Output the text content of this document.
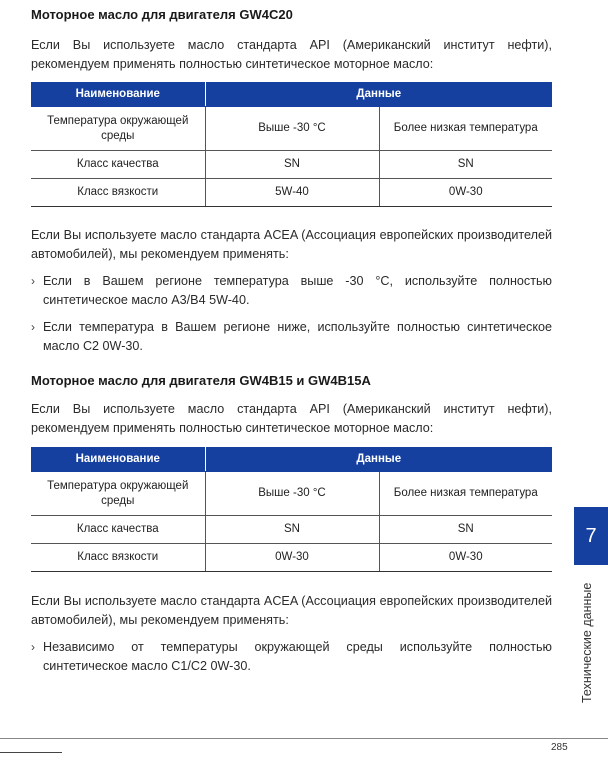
Моторное масло для двигателя GW4C20

Если Вы используете масло стандарта API (Американский институт нефти), рекомендуем применять полностью синтетическое моторное масло:

Наименование	Данные	
Температура окружающей среды	Выше -30 °C	Более низкая температура
Класс качества	SN	SN
Класс вязкости	5W-40	0W-30

Если Вы используете масло стандарта ACEA (Ассоциация европейских производителей автомобилей), мы рекомендуем применять:

› Если в Вашем регионе температура выше -30 °C, используйте полностью синтетическое масло A3/B4 5W-40.
› Если температура в Вашем регионе ниже, используйте полностью синтетическое масло C2 0W-30.
Моторное масло для двигателя GW4B15 и GW4B15A

Если Вы используете масло стандарта API (Американский институт нефти), рекомендуем применять полностью синтетическое моторное масло:

Наименование	Данные	
Температура окружающей среды	Выше -30 °C	Более низкая температура
Класс качества	SN	SN
Класс вязкости	0W-30	0W-30

Если Вы используете масло стандарта ACEA (Ассоциация европейских производителей автомобилей), мы рекомендуем применять:

› Независимо от температуры окружающей среды используйте полностью синтетическое масло C1/C2 0W-30.
7
Технические данные
285
